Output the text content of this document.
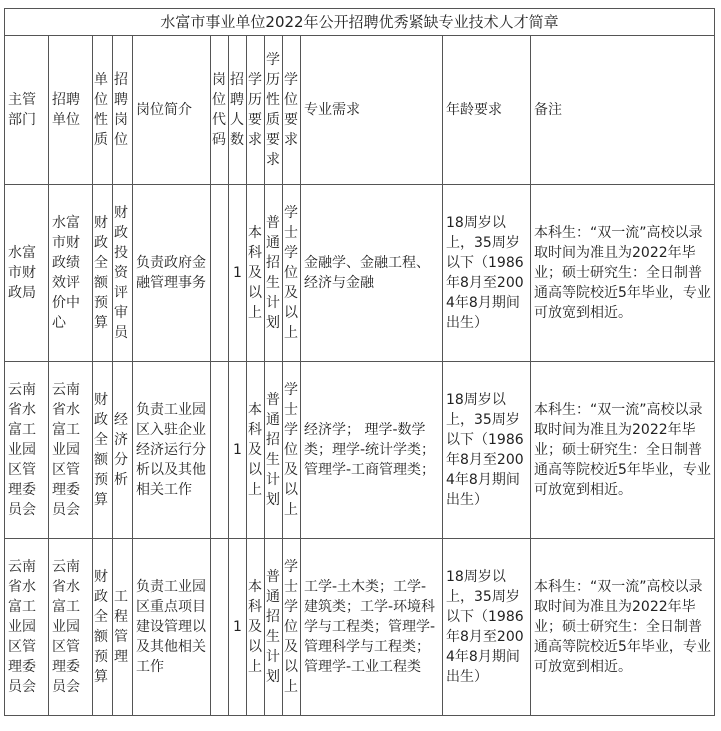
水富市事业单位2022年公开招聘优秀紧缺专业技术人才简章												
主管部门	招聘单位	单位性质	招聘岗位	岗位简介	岗位代码	招聘人数	学历要求	学历性质要求	学位要求	专业需求	年龄要求	备注
水富市财政局	水富市财政绩效评价中心	财政全额预算	财政投资评审员	负责政府金融管理事务		1	本科及以上	普通招生计划	学士学位及以上	金融学、金融工程、经济与金融	18周岁以上，35周岁以下（1986年8月至2004年8月期间出生）	本科生：“双一流”高校以录取时间为准且为2022年毕业；硕士研究生：全日制普通高等院校近5年毕业，专业可放宽到相近。
云南省水富工业园区管理委员会	云南省水富工业园区管理委员会	财政全额预算	经济分析	负责工业园区入驻企业经济运行分析以及其他相关工作		1	本科及以上	普通招生计划	学士学位及以上	经济学； 理学-数学类；理学-统计学类；管理学-工商管理类；	18周岁以上，35周岁以下（1986年8月至2004年8月期间出生）	本科生：“双一流”高校以录取时间为准且为2022年毕业；硕士研究生：全日制普通高等院校近5年毕业，专业可放宽到相近。
云南省水富工业园区管理委员会	云南省水富工业园区管理委员会	财政全额预算	工程管理	负责工业园区重点项目建设管理以及其他相关工作		1	本科及以上	普通招生计划	学士学位及以上	工学-土木类；工学-建筑类；工学-环境科学与工程类；管理学-管理科学与工程类；管理学-工业工程类	18周岁以上，35周岁以下（1986年8月至2004年8月期间出生）	本科生：“双一流”高校以录取时间为准且为2022年毕业；硕士研究生：全日制普通高等院校近5年毕业，专业可放宽到相近。
